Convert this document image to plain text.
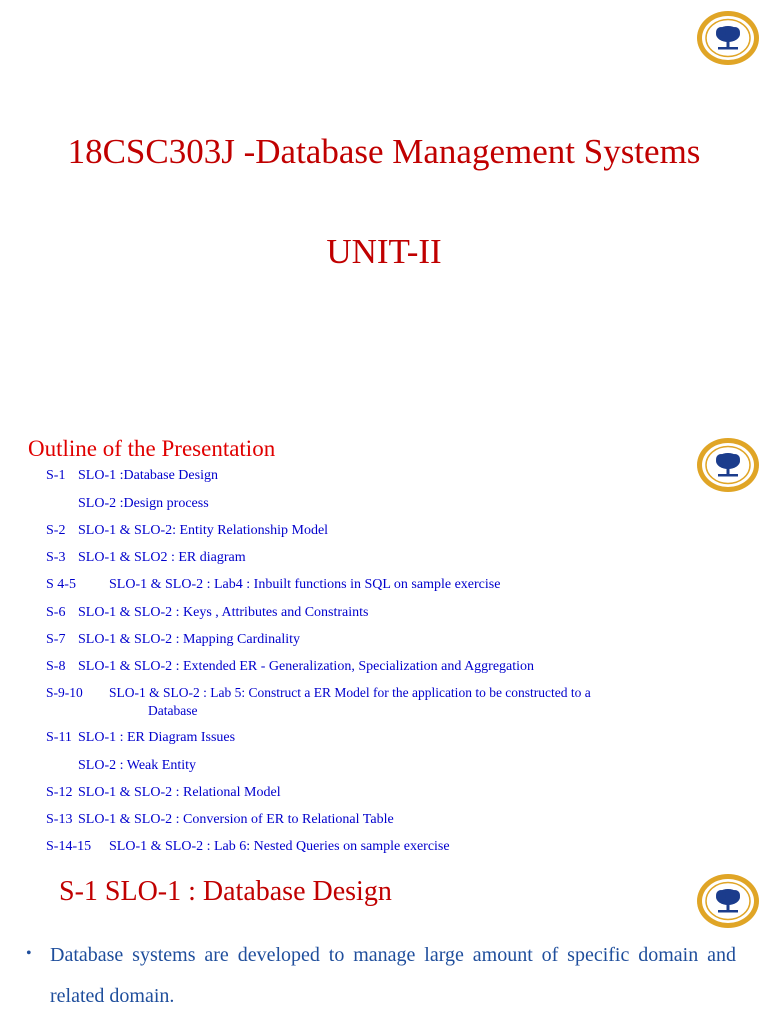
18CSC303J -Database Management Systems
UNIT-II
Outline of the Presentation
S-1 SLO-1 :Database Design
SLO-2 :Design process
S-2 SLO-1 & SLO-2: Entity Relationship Model
S-3 SLO-1 & SLO2 : ER diagram
S 4-5 SLO-1 & SLO-2 : Lab4 : Inbuilt functions in SQL on sample exercise
S-6 SLO-1 & SLO-2 : Keys , Attributes and Constraints
S-7 SLO-1 & SLO-2 : Mapping Cardinality
S-8 SLO-1 & SLO-2 : Extended ER - Generalization, Specialization and Aggregation
S-9-10 SLO-1 & SLO-2 : Lab 5: Construct a ER Model for the application to be constructed to a
Database
S-11 SLO-1 : ER Diagram Issues
SLO-2 : Weak Entity
S-12 SLO-1 & SLO-2 : Relational Model
S-13 SLO-1 & SLO-2 : Conversion of ER to Relational Table
S-14-15 SLO-1 & SLO-2 : Lab 6: Nested Queries on sample exercise
S-1 SLO-1 : Database Design
• Database systems are developed to manage large amount of specific domain and related domain.
